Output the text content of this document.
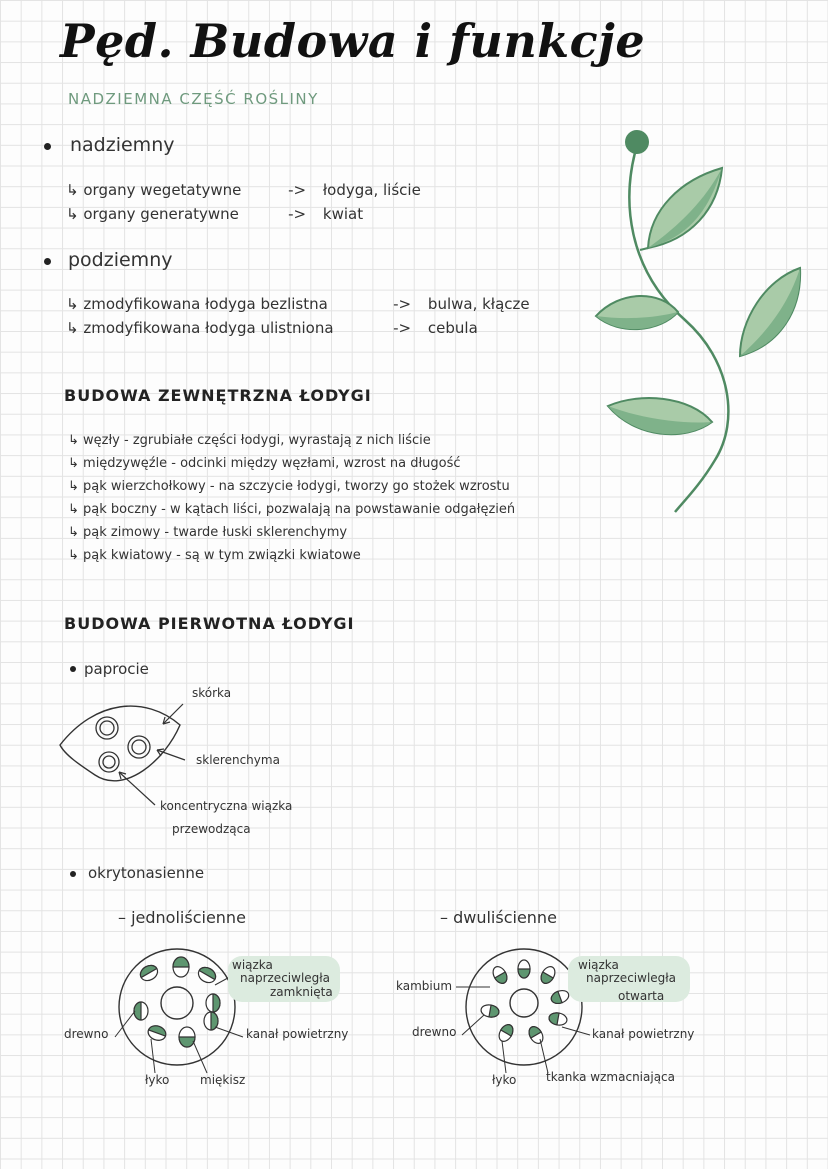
Pęd. Budowa i funkcje
NADZIEMNA CZĘŚĆ ROŚLINY
nadziemny
↳ organy wegetatywne	-> łodyga, liście
↳ organy generatywne	-> kwiat
podziemny
↳ zmodyfikowana łodyga bezlistna	-> bulwa, kłącze
↳ zmodyfikowana łodyga ulistniona	-> cebula
BUDOWA ZEWNĘTRZNA ŁODYGI
↳ węzły - zgrubiałe części łodygi, wyrastają z nich liście
↳ międzywęźle - odcinki między węzłami, wzrost na długość
↳ pąk wierzchołkowy - na szczycie łodygi, tworzy go stożek wzrostu
↳ pąk boczny - w kątach liści, pozwalają na powstawanie odgałęzień
↳ pąk zimowy - twarde łuski sklerenchymy
↳ pąk kwiatowy - są w tym związki kwiatowe
BUDOWA PIERWOTNA ŁODYGI
paprocie
skórka
sklerenchyma
koncentryczna wiązka
przewodząca
okrytonasienne
– jednoliścienne	– dwuliścienne
wiązka
naprzeciwległa
zamknięta
drewno	kanał powietrzny
łyko	miękisz
wiązka
naprzeciwległa
otwarta
kambium
drewno	kanał powietrzny
łyko tkanka wzmacniająca
